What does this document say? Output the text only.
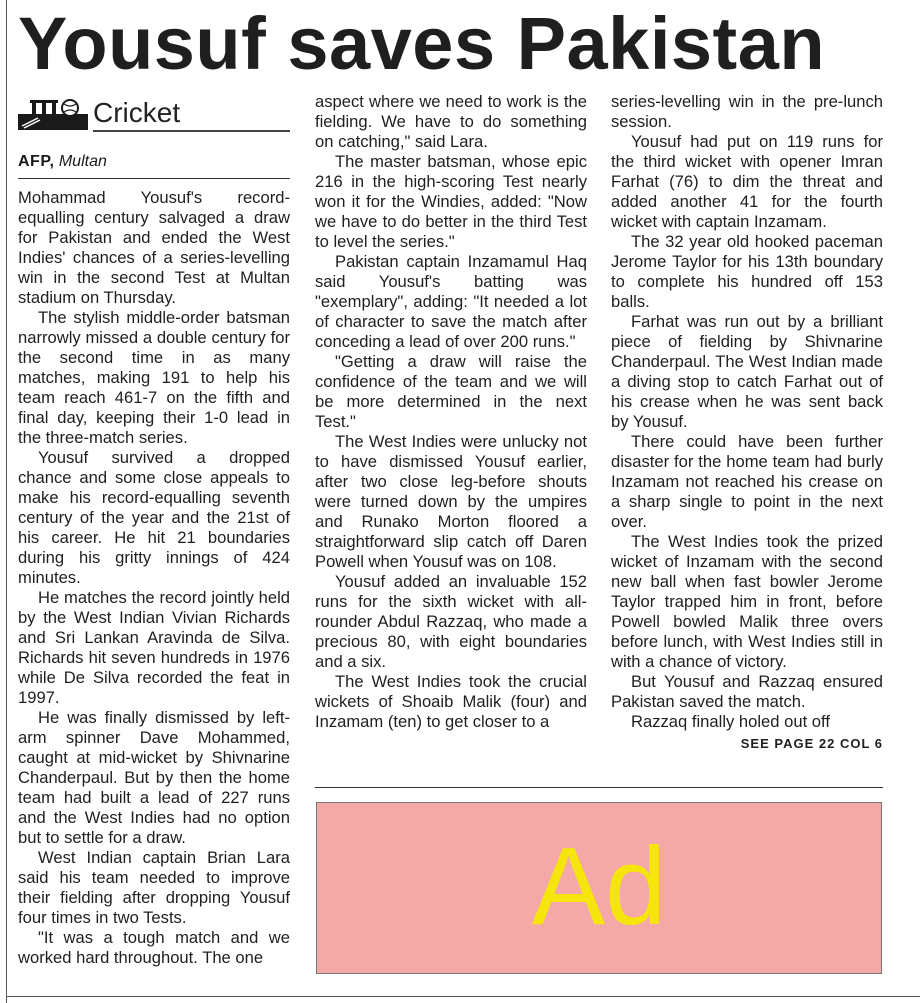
Yousuf saves Pakistan
Cricket
AFP, Multan

Mohammad Yousuf's record-equalling century salvaged a draw for Pakistan and ended the West Indies' chances of a series-levelling win in the second Test at Multan stadium on Thursday.

The stylish middle-order batsman narrowly missed a double century for the second time in as many matches, making 191 to help his team reach 461-7 on the fifth and final day, keeping their 1-0 lead in the three-match series.

Yousuf survived a dropped chance and some close appeals to make his record-equalling seventh century of the year and the 21st of his career. He hit 21 boundaries during his gritty innings of 424 minutes.

He matches the record jointly held by the West Indian Vivian Richards and Sri Lankan Aravinda de Silva. Richards hit seven hundreds in 1976 while De Silva recorded the feat in 1997.

He was finally dismissed by left-arm spinner Dave Mohammed, caught at mid-wicket by Shivnarine Chanderpaul. But by then the home team had built a lead of 227 runs and the West Indies had no option but to settle for a draw.

West Indian captain Brian Lara said his team needed to improve their fielding after dropping Yousuf four times in two Tests.

"It was a tough match and we worked hard throughout. The one

aspect where we need to work is the fielding. We have to do something on catching," said Lara.

The master batsman, whose epic 216 in the high-scoring Test nearly won it for the Windies, added: "Now we have to do better in the third Test to level the series."

Pakistan captain Inzamamul Haq said Yousuf's batting was "exemplary", adding: "It needed a lot of character to save the match after conceding a lead of over 200 runs."

"Getting a draw will raise the confidence of the team and we will be more determined in the next Test."

The West Indies were unlucky not to have dismissed Yousuf earlier, after two close leg-before shouts were turned down by the umpires and Runako Morton floored a straightforward slip catch off Daren Powell when Yousuf was on 108.

Yousuf added an invaluable 152 runs for the sixth wicket with all-rounder Abdul Razzaq, who made a precious 80, with eight boundaries and a six.

The West Indies took the crucial wickets of Shoaib Malik (four) and Inzamam (ten) to get closer to a

series-levelling win in the pre-lunch session.

Yousuf had put on 119 runs for the third wicket with opener Imran Farhat (76) to dim the threat and added another 41 for the fourth wicket with captain Inzamam.

The 32 year old hooked paceman Jerome Taylor for his 13th boundary to complete his hundred off 153 balls.

Farhat was run out by a brilliant piece of fielding by Shivnarine Chanderpaul. The West Indian made a diving stop to catch Farhat out of his crease when he was sent back by Yousuf.

There could have been further disaster for the home team had burly Inzamam not reached his crease on a sharp single to point in the next over.

The West Indies took the prized wicket of Inzamam with the second new ball when fast bowler Jerome Taylor trapped him in front, before Powell bowled Malik three overs before lunch, with West Indies still in with a chance of victory.

But Yousuf and Razzaq ensured Pakistan saved the match.

Razzaq finally holed out off

SEE PAGE 22 COL 6

Ad
